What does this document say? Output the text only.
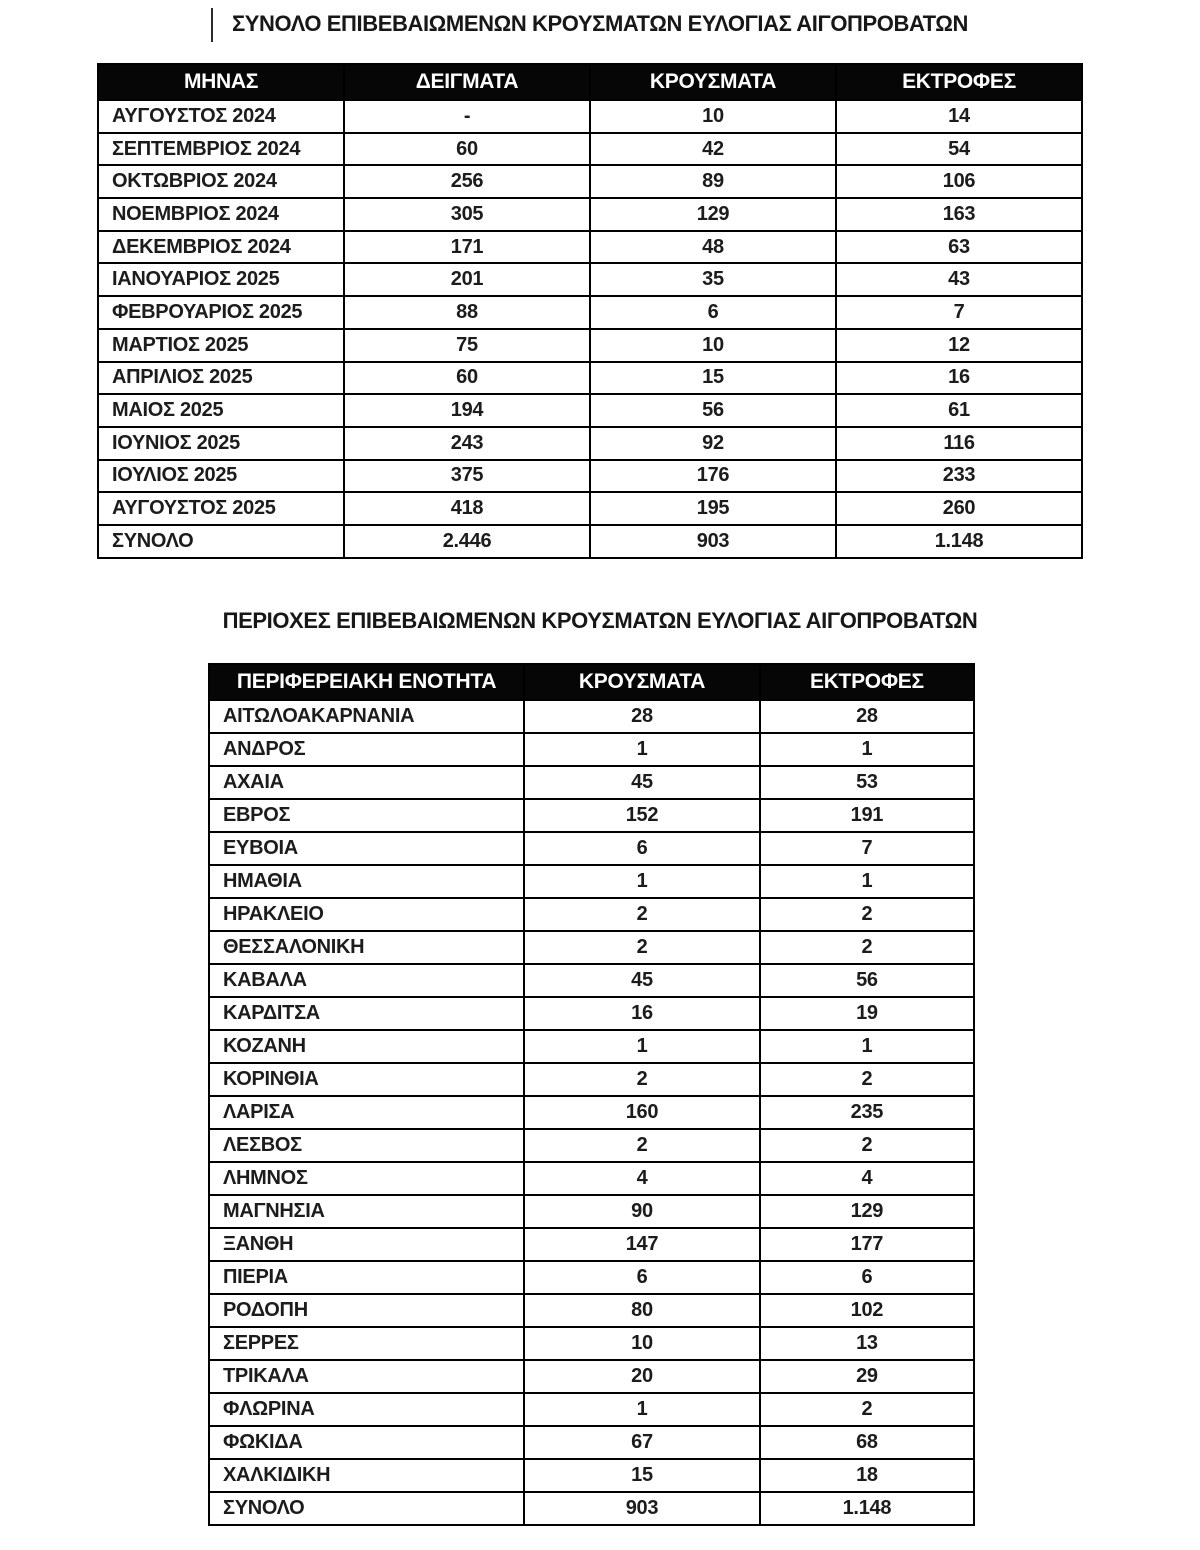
ΣΥΝΟΛΟ ΕΠΙΒΕΒΑΙΩΜΕΝΩΝ ΚΡΟΥΣΜΑΤΩΝ ΕΥΛΟΓΙΑΣ ΑΙΓΟΠΡΟΒΑΤΩΝ
ΜΗΝΑΣ	ΔΕΙΓΜΑΤΑ	ΚΡΟΥΣΜΑΤΑ	ΕΚΤΡΟΦΕΣ
ΑΥΓΟΥΣΤΟΣ 2024	-	10	14
ΣΕΠΤΕΜΒΡΙΟΣ 2024	60	42	54
ΟΚΤΩΒΡΙΟΣ 2024	256	89	106
ΝΟΕΜΒΡΙΟΣ 2024	305	129	163
ΔΕΚΕΜΒΡΙΟΣ 2024	171	48	63
ΙΑΝΟΥΑΡΙΟΣ 2025	201	35	43
ΦΕΒΡΟΥΑΡΙΟΣ 2025	88	6	7
ΜΑΡΤΙΟΣ 2025	75	10	12
ΑΠΡΙΛΙΟΣ 2025	60	15	16
ΜΑΙΟΣ 2025	194	56	61
ΙΟΥΝΙΟΣ 2025	243	92	116
ΙΟΥΛΙΟΣ 2025	375	176	233
ΑΥΓΟΥΣΤΟΣ 2025	418	195	260
ΣΥΝΟΛΟ	2.446	903	1.148
ΠΕΡΙΟΧΕΣ ΕΠΙΒΕΒΑΙΩΜΕΝΩΝ ΚΡΟΥΣΜΑΤΩΝ ΕΥΛΟΓΙΑΣ ΑΙΓΟΠΡΟΒΑΤΩΝ
ΠΕΡΙΦΕΡΕΙΑΚΗ ΕΝΟΤΗΤΑ	ΚΡΟΥΣΜΑΤΑ	ΕΚΤΡΟΦΕΣ
ΑΙΤΩΛΟΑΚΑΡΝΑΝΙΑ	28	28
ΑΝΔΡΟΣ	1	1
ΑΧΑΙΑ	45	53
ΕΒΡΟΣ	152	191
ΕΥΒΟΙΑ	6	7
ΗΜΑΘΙΑ	1	1
ΗΡΑΚΛΕΙΟ	2	2
ΘΕΣΣΑΛΟΝΙΚΗ	2	2
ΚΑΒΑΛΑ	45	56
ΚΑΡΔΙΤΣΑ	16	19
ΚΟΖΑΝΗ	1	1
ΚΟΡΙΝΘΙΑ	2	2
ΛΑΡΙΣΑ	160	235
ΛΕΣΒΟΣ	2	2
ΛΗΜΝΟΣ	4	4
ΜΑΓΝΗΣΙΑ	90	129
ΞΑΝΘΗ	147	177
ΠΙΕΡΙΑ	6	6
ΡΟΔΟΠΗ	80	102
ΣΕΡΡΕΣ	10	13
ΤΡΙΚΑΛΑ	20	29
ΦΛΩΡΙΝΑ	1	2
ΦΩΚΙΔΑ	67	68
ΧΑΛΚΙΔΙΚΗ	15	18
ΣΥΝΟΛΟ	903	1.148
